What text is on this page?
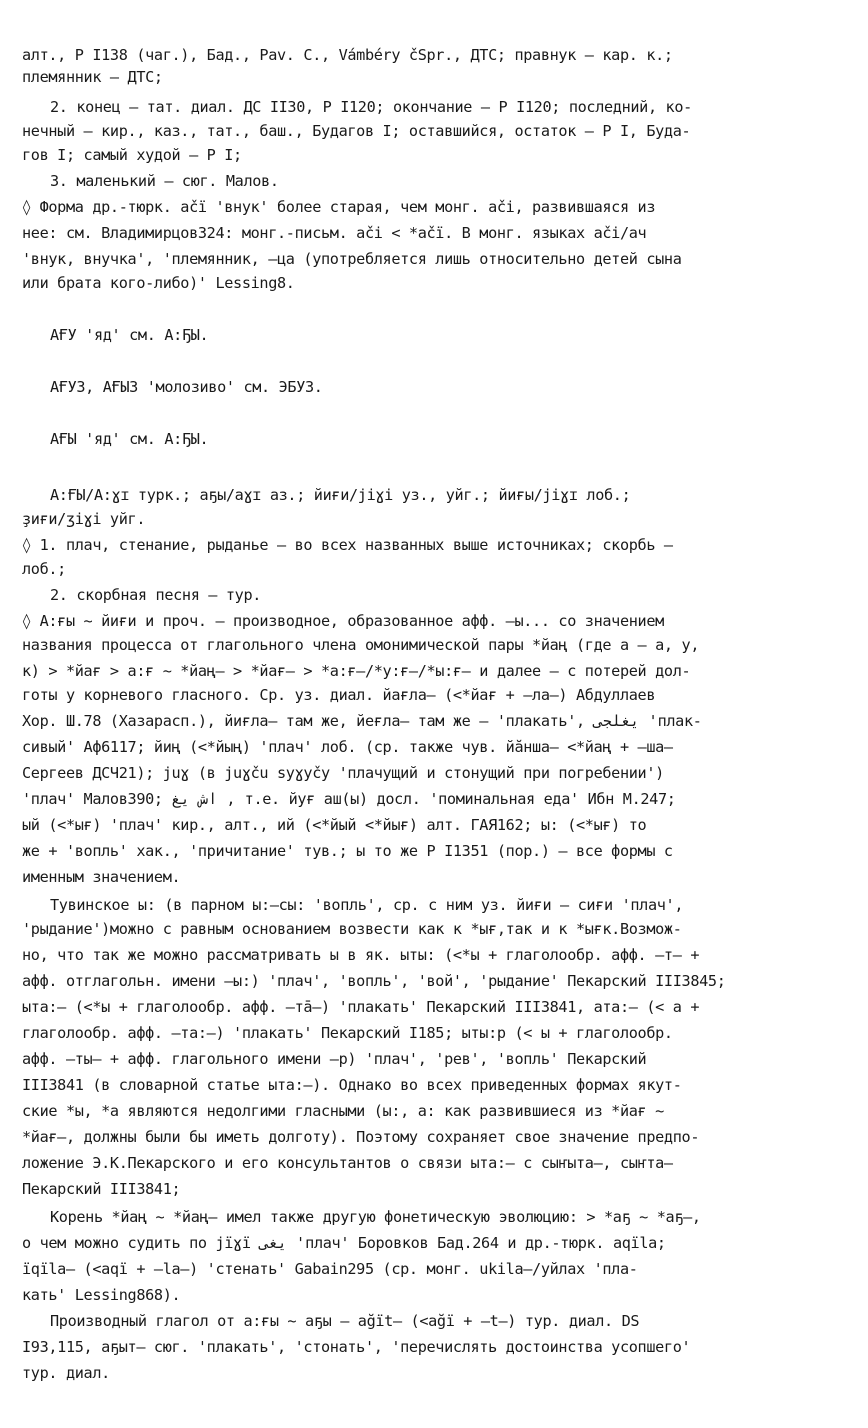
алт., P I138 (чаг.), Бад., Pav. C., Vámbéry čSpr., ДТС; правнук – кар. к.;
племянник – ДТС;
2. конец – тат. диал. ДС II30, P I120; окончание – P I120; последний, ко-
нечный – кир., каз., тат., баш., Будагов I; оставшийся, остаток – P I, Буда-
гов I; самый худой – P I;
3. маленький – сюг. Малов.
◊ Форма др.-тюрк. ačï 'внук' более старая, чем монг. ači, развившаяся из
нее: см. Владимирцов324: монг.-письм. ači < *ačï. В монг. языках ači/ач
'внук, внучка', 'племянник, –ца (употребляется лишь относительно детей сына
или брата кого-либо)' Lessing8.
АҒУ 'яд' см. А:ҔЫ.
АҒУЗ, АҒЫЗ 'молозиво' см. ЭБУЗ.
АҒЫ 'яд' см. А:ҔЫ.
А:ҒЫ/A:ɣɪ турк.; аҕы/aɣɪ аз.; йиғи/jiɣi уз., уйг.; йиғы/jiɣɪ лоб.;
ҙиғи/ʒiɣi уйг.
◊ 1. плач, стенание, рыданье – во всех названных выше источниках; скорбь –
лоб.;
2. скорбная песня – тур.
◊ А:ғы ~ йиғи и проч. – производное, образованное афф. –ы... со значением
названия процесса от глагольного члена омонимической пары *йаң (где а – а, у,
к) > *йағ > а:ғ ~ *йаң– > *йағ– > *а:ғ–/*у:ғ–/*ы:ғ– и далее – с потерей дол-
готы у корневого гласного. Ср. уз. диал. йағла– (<*йағ + –ла–) Абдуллаев
Хор. Ш.78 (Хазарасп.), йиғла– там же, йеғла– там же – 'плакать', يغلجی 'плак-
сивый' Аф6117; йиң (<*йың) 'плач' лоб. (ср. также чув. йăнша– <*йаң + –ша–
Сергеев ДСЧ21); juɣ (в juɣču syɣyčy 'плачущий и стонущий при погребении')
'плач' Малов390; اش يغ , т.е. йуғ аш(ы) досл. 'поминальная еда' Ибн М.247;
ый (<*ығ) 'плач' кир., алт., ий (<*йый <*йығ) алт. ГАЯ162; ы: (<*ығ) то
же + 'вопль' хак., 'причитание' тув.; ы то же P I1351 (пор.) – все формы с
именным значением.
Тувинское ы: (в парном ы:–сы: 'вопль', ср. с ним уз. йиғи – сиғи 'плач',
'рыдание')можно с равным основанием возвести как к *ығ,так и к *ығк.Возмож-
но, что так же можно рассматривать ы в як. ыты: (<*ы + глаголообр. афф. –т– +
афф. отглагольн. имени –ы:) 'плач', 'вопль', 'вой', 'рыдание' Пекарский III3845;
ыта:– (<*ы + глаголообр. афф. –тā–) 'плакать' Пекарский III3841, ата:– (< а +
глаголообр. афф. –та:–) 'плакать' Пекарский I185; ыты:р (< ы + глаголообр.
афф. –ты– + афф. глагольного имени –р) 'плач', 'рев', 'вопль' Пекарский
III3841 (в словарной статье ыта:–). Однако во всех приведенных формах якут-
ские *ы, *а являются недолгими гласными (ы:, а: как развившиеся из *йағ ~
*йағ–, должны были бы иметь долготу). Поэтому сохраняет свое значение предпо-
ложение Э.К.Пекарского и его консультантов о связи ыта:– с сыҥыта–, сыҥта–
Пекарский III3841;
Корень *йаң ~ *йаң– имел также другую фонетическую эволюцию: > *аҕ ~ *аҕ–,
о чем можно судить по jïɣï يغی 'плач' Боровков Бад.264 и др.-тюрк. aqïla;
ïqïla– (<aqï + –la–) 'стенать' Gabain295 (ср. монг. ukila–/уйлах 'пла-
кать' Lessing868).
Производный глагол от а:ғы ~ аҕы – ağït– (<ağï + –t–) тур. диал. DS
I93,115, аҕыт– сюг. 'плакать', 'стонать', 'перечислять достоинства усопшего'
тур. диал.
